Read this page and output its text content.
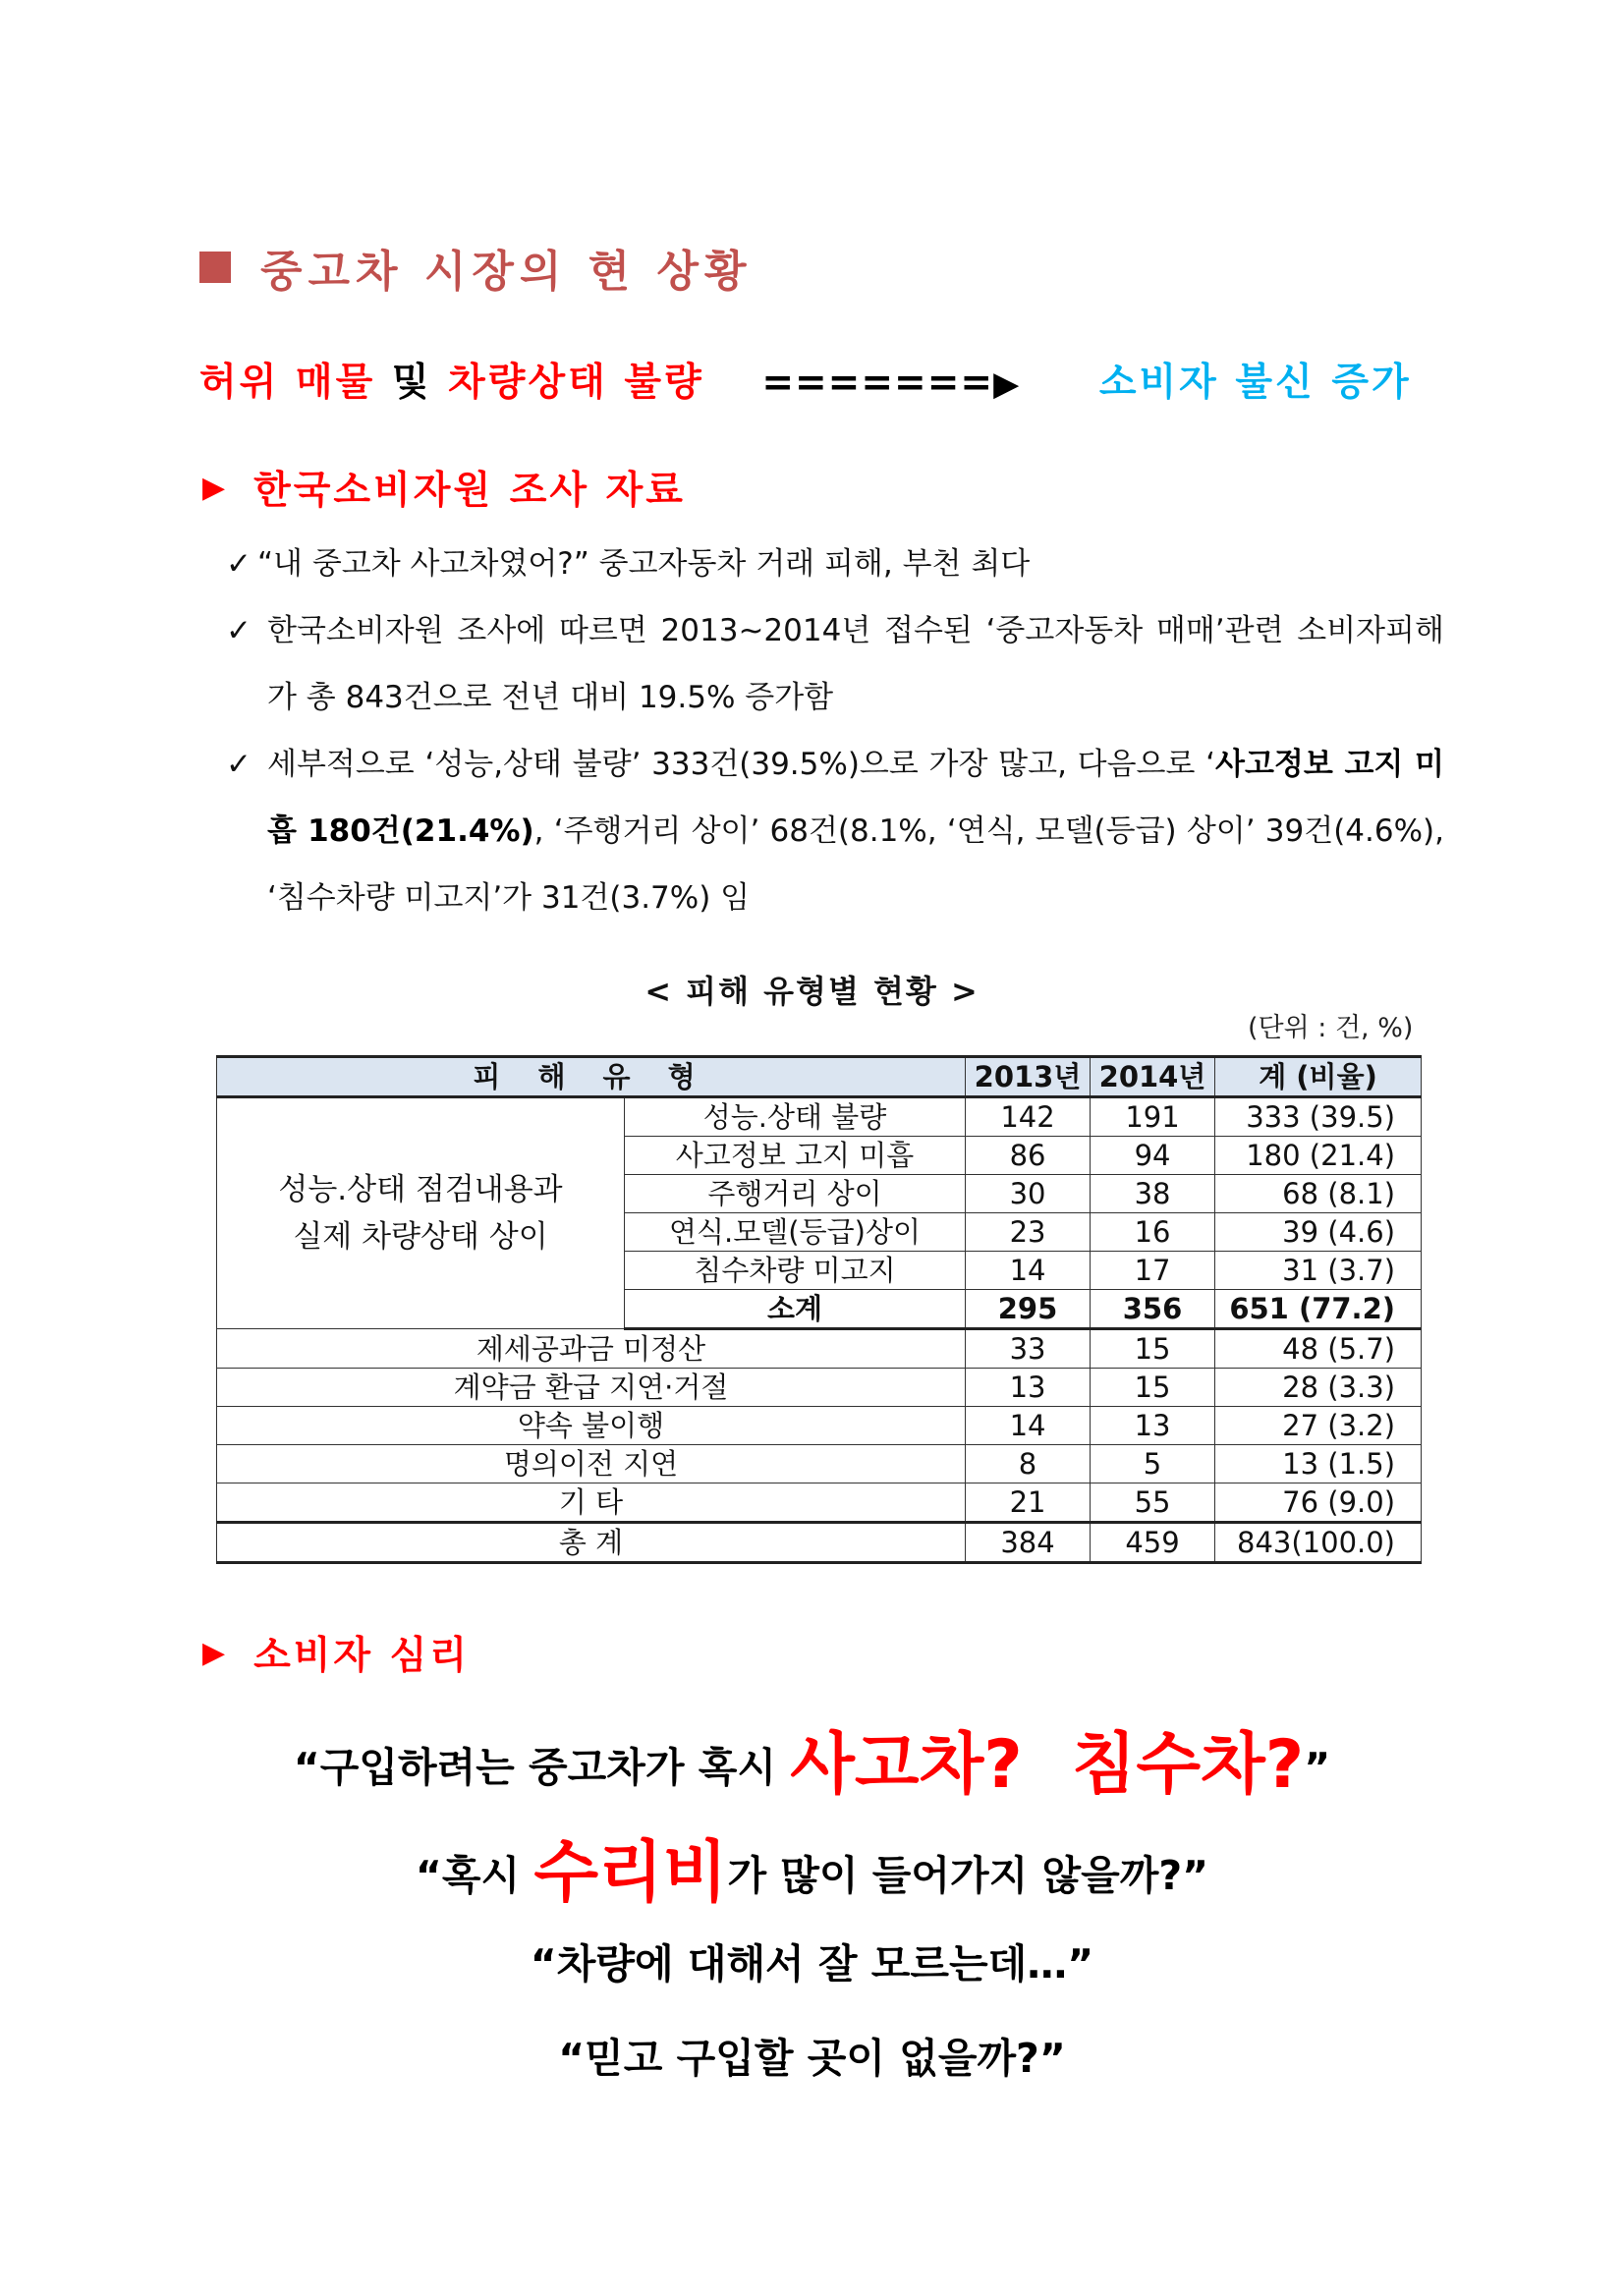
중고차 시장의 현 상황
허위 매물 및 차량상태 불량 =======▶ 소비자 불신 증가
▶ 한국소비자원 조사 자료
✓ “내 중고차 사고차였어?” 중고자동차 거래 피해, 부천 최다
✓ 한국소비자원 조사에 따르면 2013~2014년 접수된 ‘중고자동차 매매’관련 소비자피해가 총 843건으로 전년 대비 19.5% 증가함
✓ 세부적으로 ‘성능,상태 불량’ 333건(39.5%)으로 가장 많고, 다음으로 ‘사고정보 고지 미흡 180건(21.4%), ‘주행거리 상이’ 68건(8.1%, ‘연식, 모델(등급) 상이’ 39건(4.6%), ‘침수차량 미고지’가 31건(3.7%) 임
< 피해 유형별 현황 >
(단위 : 건, %)
피 해 유 형		2013년	2014년	계 (비율)

성능.상태 점검내용과
실제 차량상태 상이	성능.상태 불량	142	191	333 (39.5)
	사고정보 고지 미흡	86	94	180 (21.4)
	주행거리 상이	30	38	68 (8.1)
	연식.모델(등급)상이	23	16	39 (4.6)
	침수차량 미고지	14	17	31 (3.7)
	소계	295	356	651 (77.2)
제세공과금 미정산		33	15	48 (5.7)
계약금 환급 지연·거절		13	15	28 (3.3)
약속 불이행		14	13	27 (3.2)
명의이전 지연		8	5	13 (1.5)
기 타		21	55	76 (9.0)
총 계		384	459	843(100.0)
▶ 소비자 심리
“구입하려는 중고차가 혹시 사고차? 침수차?”
“혹시 수리비가 많이 들어가지 않을까?”
“차량에 대해서 잘 모르는데…”
“믿고 구입할 곳이 없을까?”
